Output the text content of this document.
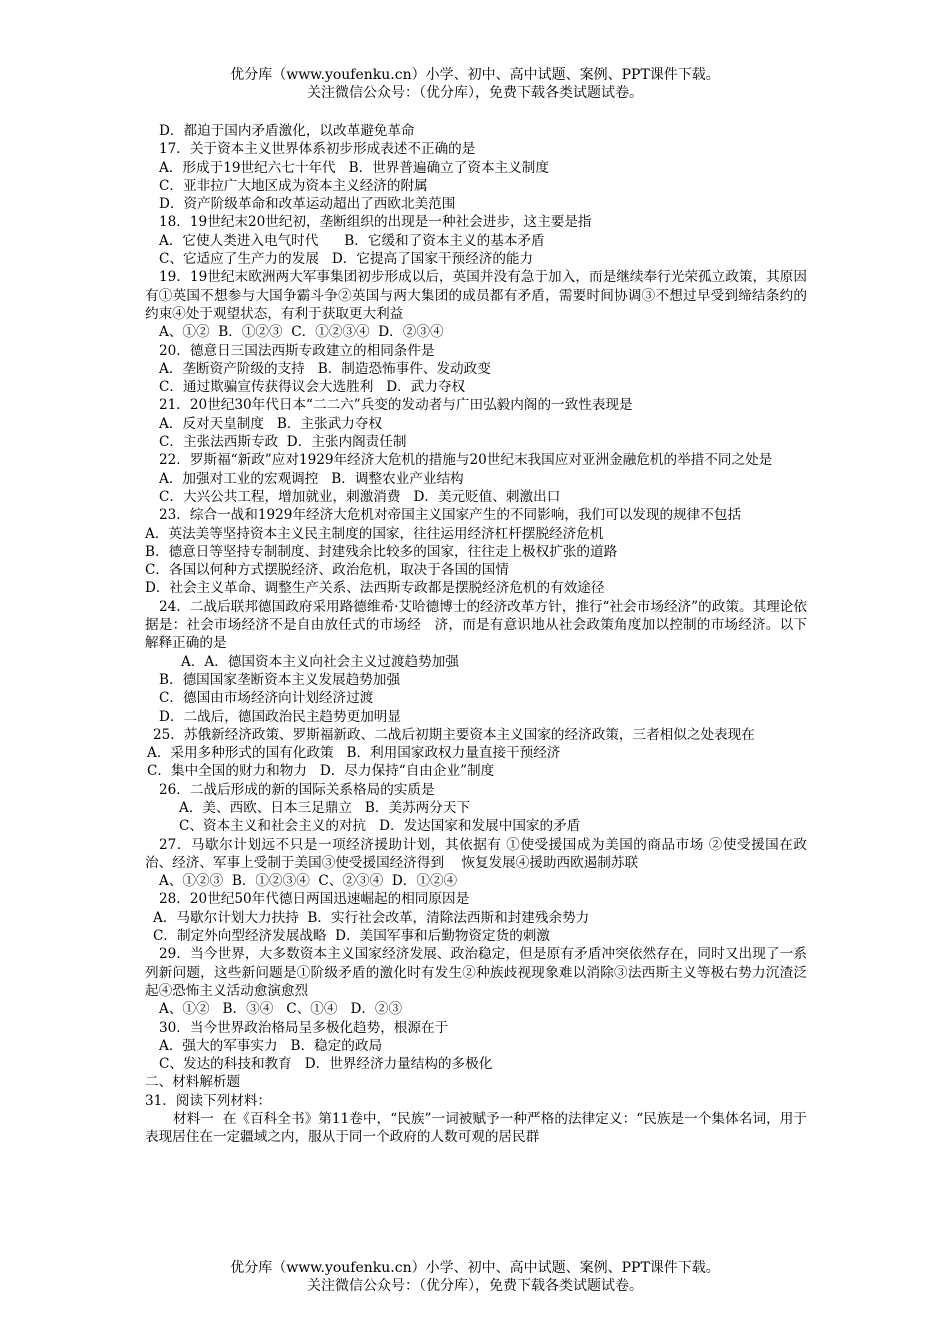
优分库（www.youfenku.cn）小学、初中、高中试题、案例、PPT课件下载。
关注微信公众号：（优分库），免费下载各类试题试卷。

D．都迫于国内矛盾激化，以改革避免革命

17．关于资本主义世界体系初步形成表述不正确的是

A．形成于19世纪六七十年代   B．世界普遍确立了资本主义制度

C．亚非拉广大地区成为资本主义经济的附属

D．资产阶级革命和改革运动超出了西欧北美范围

18．19世纪末20世纪初，垄断组织的出现是一种社会进步，这主要是指

A．它使人类进入电气时代      B．它缓和了资本主义的基本矛盾

C、它适应了生产力的发展   D．它提高了国家干预经济的能力

19．19世纪末欧洲两大军事集团初步形成以后，英国并没有急于加入，而是继续奉行光荣孤立政策，其原因有①英国不想参与大国争霸斗争②英国与两大集团的成员都有矛盾，需要时间协调③不想过早受到缔结条约的约束④处于观望状态，有利于获取更大利益

A、①②  B．①②③  C．①②③④  D．②③④

20．德意日三国法西斯专政建立的相同条件是

A．垄断资产阶级的支持   B．制造恐怖事件、发动政变

C．通过欺骗宣传获得议会大选胜利   D．武力夺权

21．20世纪30年代日本“二二六”兵变的发动者与广田弘毅内阁的一致性表现是

A．反对天皇制度   B．主张武力夺权

C．主张法西斯专政  D．主张内阁责任制

22．罗斯福“新政”应对1929年经济大危机的措施与20世纪末我国应对亚洲金融危机的举措不同之处是

A．加强对工业的宏观调控   B．调整农业产业结构

C．大兴公共工程，增加就业，刺激消费   D．美元贬值、刺激出口

23．综合一战和1929年经济大危机对帝国主义国家产生的不同影响，我们可以发现的规律不包括

A．英法美等坚持资本主义民主制度的国家，往往运用经济杠杆摆脱经济危机

B．德意日等坚持专制制度、封建残余比较多的国家，往往走上极权扩张的道路

C．各国以何种方式摆脱经济、政治危机，取决于各国的国情

D．社会主义革命、调整生产关系、法西斯专政都是摆脱经济危机的有效途径

24．二战后联邦德国政府采用路德维希·艾哈德博士的经济改革方针，推行“社会市场经济”的政策。其理论依据是：社会市场经济不是自由放任式的市场经   济，而是有意识地从社会政策角度加以控制的市场经济。以下解释正确的是

A．A．德国资本主义向社会主义过渡趋势加强

B．德国国家垄断资本主义发展趋势加强

C．德国由市场经济向计划经济过渡

D．二战后，德国政治民主趋势更加明显

25．苏俄新经济政策、罗斯福新政、二战后初期主要资本主义国家的经济政策，三者相似之处表现在

A．采用多种形式的国有化政策   B．利用国家政权力量直接干预经济

C．集中全国的财力和物力   D．尽力保持“自由企业”制度

26．二战后形成的新的国际关系格局的实质是

A．美、西欧、日本三足鼎立   B．美苏两分天下

C、资本主义和社会主义的对抗   D．发达国家和发展中国家的矛盾

27．马歇尔计划远不只是一项经济援助计划，其依据有 ①使受援国成为美国的商品市场 ②使受援国在政治、经济、军事上受制于美国③使受援国经济得到    恢复发展④援助西欧遏制苏联

A、①②③  B．①②③④  C、②③④  D．①②④

28．20世纪50年代德日两国迅速崛起的相同原因是

A．马歇尔计划大力扶持  B．实行社会改革，清除法西斯和封建残余势力

C．制定外向型经济发展战略  D．美国军事和后勤物资定货的刺激

29．当今世界，大多数资本主义国家经济发展、政治稳定，但是原有矛盾冲突依然存在，同时又出现了一系列新问题，这些新问题是①阶级矛盾的激化时有发生②种族歧视现象难以消除③法西斯主义等极右势力沉渣泛起④恐怖主义活动愈演愈烈

A、①②   B．③④   C、①④   D．②③

30．当今世界政治格局呈多极化趋势，根源在于

A．强大的军事实力   B．稳定的政局

C、发达的科技和教育   D．世界经济力量结构的多极化

二、材料解析题

31．阅读下列材料：

材料一  在《百科全书》第11卷中，“民族”一词被赋予一种严格的法律定义：“民族是一个集体名词，用于表现居住在一定疆域之内，服从于同一个政府的人数可观的居民群

优分库（www.youfenku.cn）小学、初中、高中试题、案例、PPT课件下载。
关注微信公众号：（优分库），免费下载各类试题试卷。
